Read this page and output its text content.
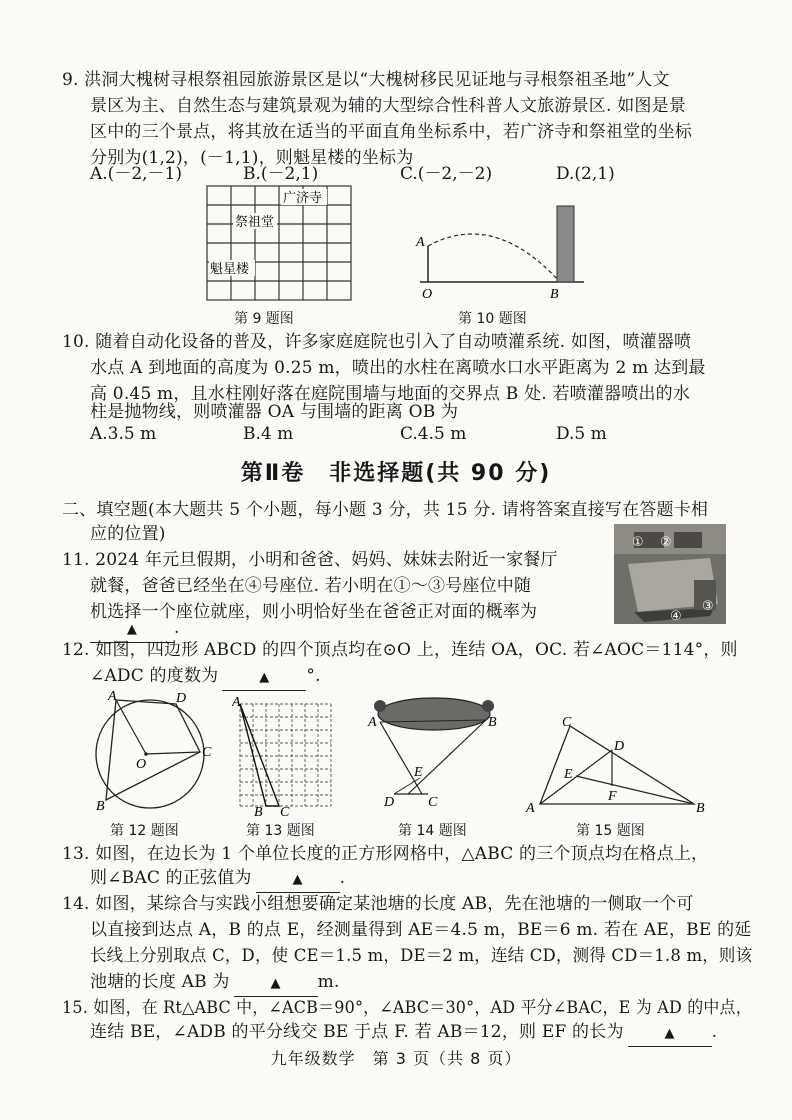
9. 洪洞大槐树寻根祭祖园旅游景区是以“大槐树移民见证地与寻根祭祖圣地”人文
景区为主、自然生态与建筑景观为辅的大型综合性科普人文旅游景区. 如图是景
区中的三个景点，将其放在适当的平面直角坐标系中，若广济寺和祭祖堂的坐标
分别为(1,2)，(－1,1)，则魁星楼的坐标为
A.(－2,－1)	B.(－2,1)	C.(－2,－2)	D.(2,1)
广济寺
祭祖堂
魁星楼
第 9 题图
A
O	B
第 10 题图
10. 随着自动化设备的普及，许多家庭庭院也引入了自动喷灌系统. 如图，喷灌器喷
水点 A 到地面的高度为 0.25 m，喷出的水柱在离喷水口水平距离为 2 m 达到最
高 0.45 m，且水柱刚好落在庭院围墙与地面的交界点 B 处. 若喷灌器喷出的水
柱是抛物线，则喷灌器 OA 与围墙的距离 OB 为
A.3.5 m	B.4 m	C.4.5 m	D.5 m
第Ⅱ卷　非选择题(共 90 分)
二、填空题(本大题共 5 个小题，每小题 3 分，共 15 分. 请将答案直接写在答题卡相
应的位置)	① ②
③
④
11. 2024 年元旦假期，小明和爸爸、妈妈、妹妹去附近一家餐厅
就餐，爸爸已经坐在④号座位. 若小明在①～③号座位中随
机选择一个座位就座，则小明恰好坐在爸爸正对面的概率为
▲ .
12. 如图，四边形 ABCD 的四个顶点均在⊙O 上，连结 OA，OC. 若∠AOC＝114°，则
∠ADC 的度数为	▲ °.
A	D
O
C
B
第 12 题图
A
B C
第 13 题图
A	B
E
D C
第 14 题图
C
D
E
F
A	B
第 15 题图
13. 如图，在边长为 1 个单位长度的正方形网格中，△ABC 的三个顶点均在格点上，
则∠BAC 的正弦值为	▲ .
14. 如图，某综合与实践小组想要确定某池塘的长度 AB，先在池塘的一侧取一个可
以直接到达点 A，B 的点 E，经测量得到 AE＝4.5 m，BE＝6 m. 若在 AE，BE 的延
长线上分别取点 C，D，使 CE＝1.5 m，DE＝2 m，连结 CD，测得 CD＝1.8 m，则该
池塘的长度 AB 为	▲ m.
15. 如图，在 Rt△ABC 中，∠ACB＝90°，∠ABC＝30°，AD 平分∠BAC，E 为 AD 的中点，
连结 BE，∠ADB 的平分线交 BE 于点 F. 若 AB＝12，则 EF 的长为	▲ .
九年级数学　第 3 页（共 8 页）
